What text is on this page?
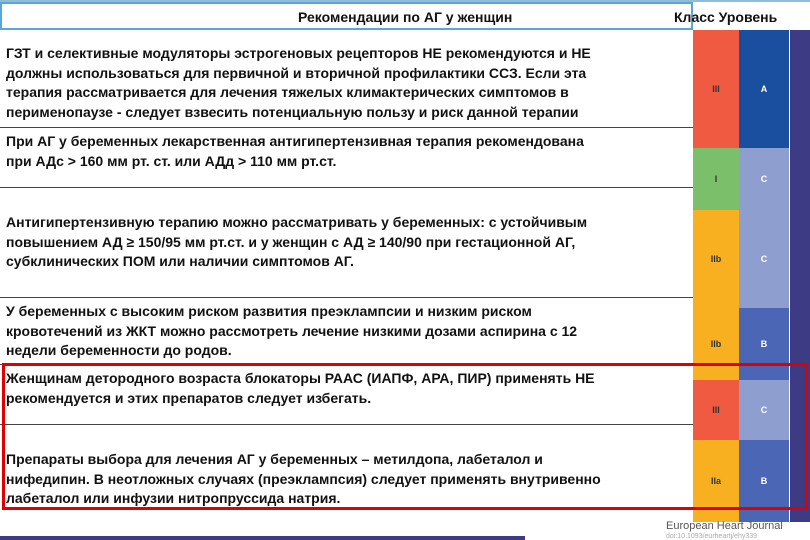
Рекомендации по АГ у женщин	Класс Уровень
ГЗТ и селективные модуляторы эстрогеновых рецепторов НЕ рекомендуются и НЕ
должны использоваться для первичной и вторичной профилактики ССЗ. Если эта
терапия рассматривается для лечения тяжелых климактерических симптомов в
перименопаузе - следует взвесить потенциальную пользу и риск данной терапии
При АГ у беременных лекарственная антигипертензивная терапия рекомендована
при АДс > 160 мм рт. ст. или АДд > 110 мм рт.ст.
Антигипертензивную терапию можно рассматривать у беременных: с устойчивым
повышением АД ≥ 150/95 мм рт.ст. и у женщин с АД ≥ 140/90 при гестационной АГ,
субклинических ПОМ или наличии симптомов АГ.
У беременных с высоким риском развития преэклампсии и низким риском
кровотечений из ЖКТ можно рассмотреть лечение низкими дозами аспирина с 12
недели беременности до родов.
Женщинам детородного возраста блокаторы РААС (ИАПФ, АРА, ПИР) применять НЕ
рекомендуется и этих препаратов следует избегать.
Препараты выбора для лечения АГ у беременных – метилдопа, лабеталол и
нифедипин. В неотложных случаях (преэклампсия) следует применять внутривенно
лабеталол или инфузии нитропруссида натрия.
III
I
IIb
IIb
III
IIa
A
C
C
B
C
B
European Heart Journal
doi:10.1093/eurheartj/ehy339
